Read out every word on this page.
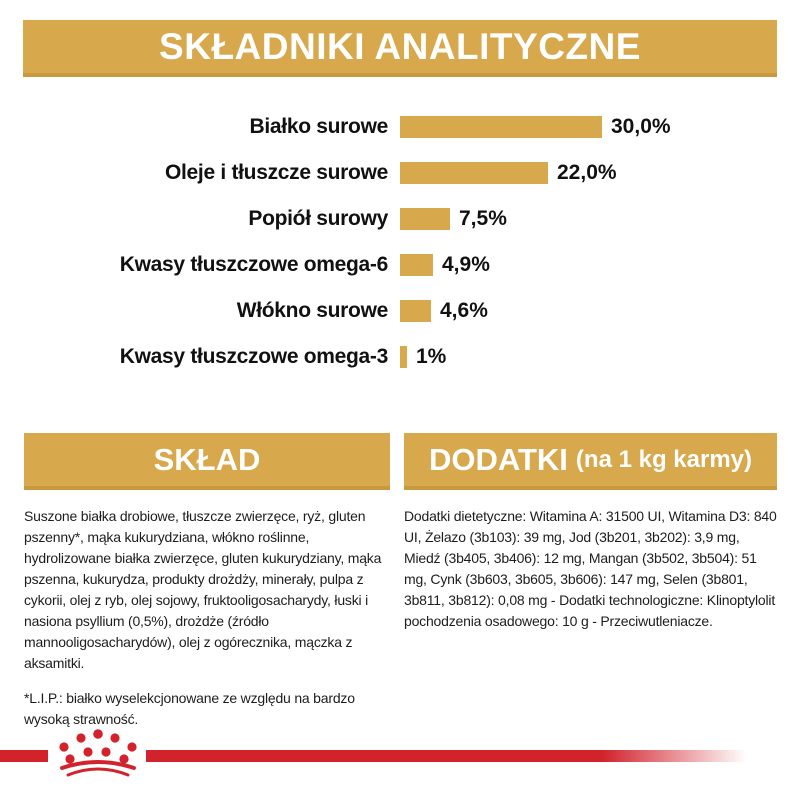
SKŁADNIKI ANALITYCZNE
Białko surowe	30,0%
Oleje i tłuszcze surowe	22,0%
Popiół surowy	7,5%
Kwasy tłuszczowe omega-6	4,9%
Włókno surowe 4,6%
Kwasy tłuszczowe omega-3 1%
SKŁAD

Suszone białka drobiowe, tłuszcze zwierzęce, ryż, gluten pszenny*, mąka kukurydziana, włókno roślinne, hydrolizowane białka zwierzęce, gluten kukurydziany, mąka pszenna, kukurydza, produkty drożdży, minerały, pulpa z cykorii, olej z ryb, olej sojowy, fruktooligosacharydy, łuski i nasiona psyllium (0,5%), drożdże (źródło mannooligosacharydów), olej z ogórecznika, mączka z aksamitki.

*L.I.P.: białko wyselekcjonowane ze względu na bardzo wysoką strawność.

DODATKI (na 1 kg karmy)

Dodatki dietetyczne: Witamina A: 31500 UI, Witamina D3: 840 UI, Żelazo (3b103): 39 mg, Jod (3b201, 3b202): 3,9 mg, Miedź (3b405, 3b406): 12 mg, Mangan (3b502, 3b504): 51 mg, Cynk (3b603, 3b605, 3b606): 147 mg, Selen (3b801, 3b811, 3b812): 0,08 mg - Dodatki technologiczne: Klinoptylolit pochodzenia osadowego: 10 g - Przeciwutleniacze.
